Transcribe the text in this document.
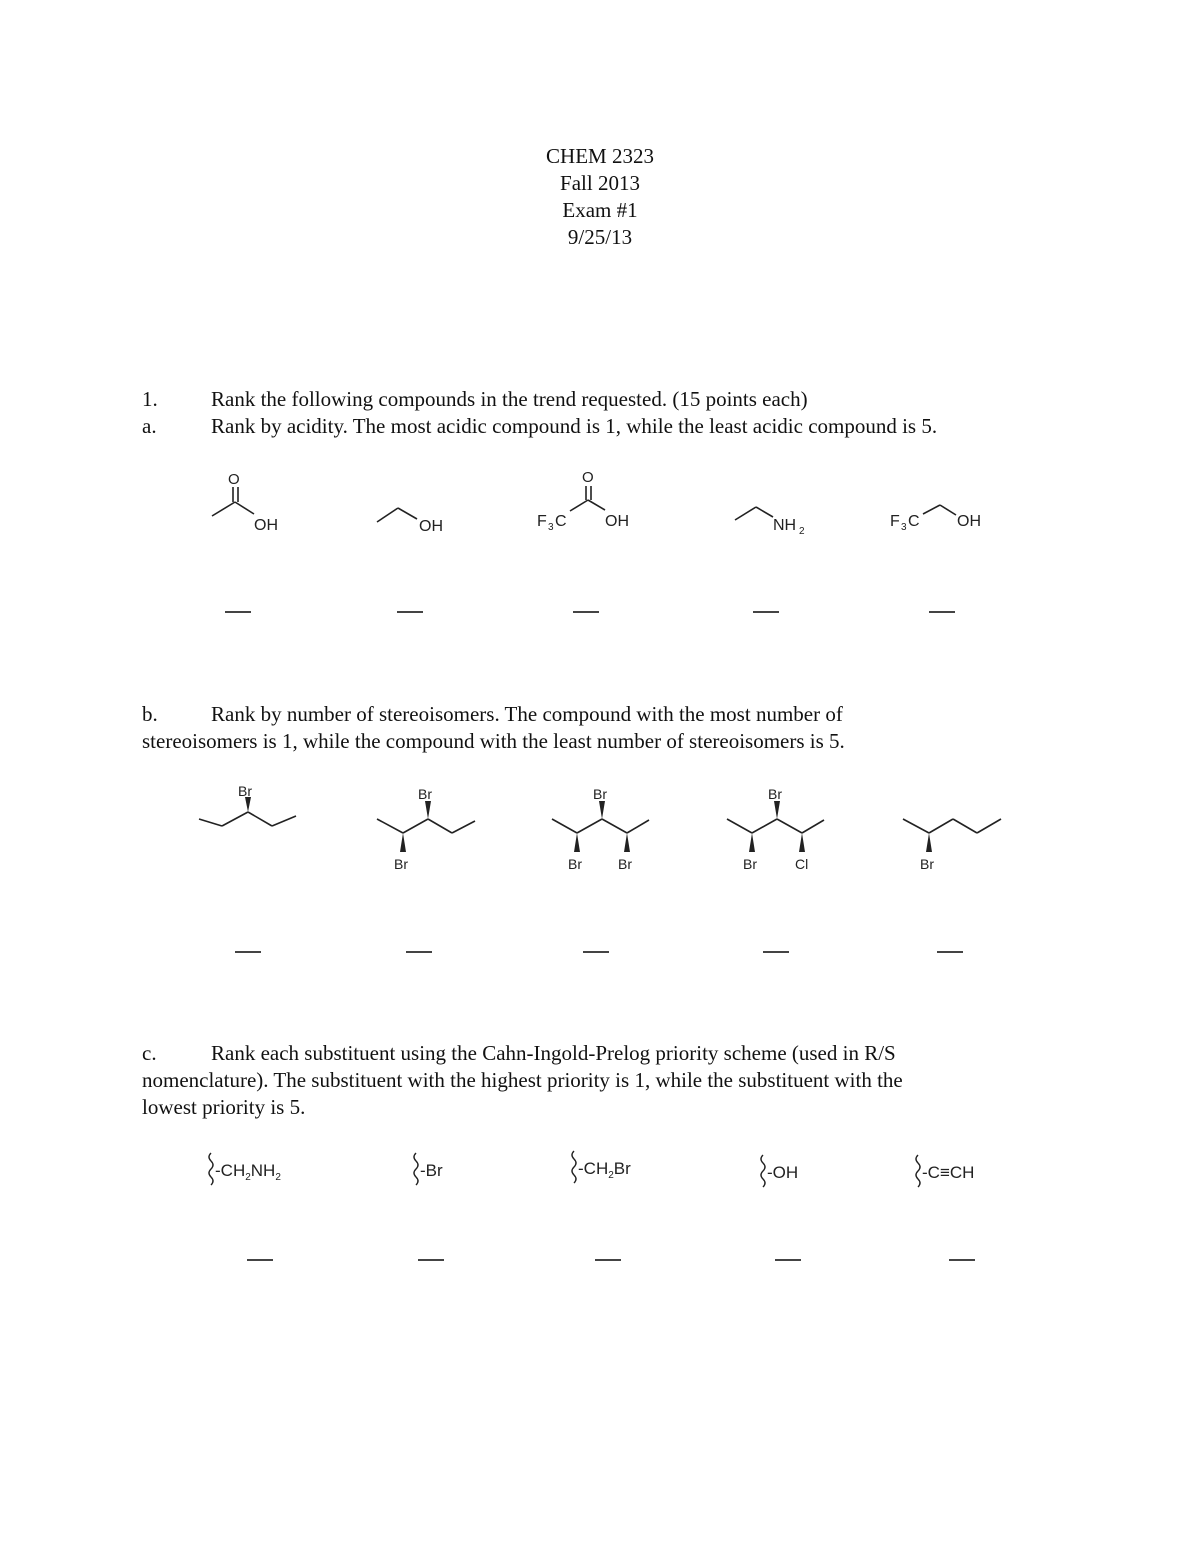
CHEM 2323
Fall 2013
Exam #1
9/25/13
1.	Rank the following compounds in the trend requested. (15 points each)
a.	Rank by acidity. The most acidic compound is 1, while the least acidic compound is 5.
O
OH	OH
O
F 3 C OH	NH 2
F 3 C OH
b.	Rank by number of stereoisomers. The compound with the most number of
stereoisomers is 1, while the compound with the least number of stereoisomers is 5.
Br	Br
Br
Br
Br	Br
Br
Br	Cl	Br
c.	Rank each substituent using the Cahn-Ingold-Prelog priority scheme (used in R/S
nomenclature). The substituent with the highest priority is 1, while the substituent with the
lowest priority is 5.
$-CH_2NH_2$	-Br	$-CH_2Br$	-OH	-C≡CH
